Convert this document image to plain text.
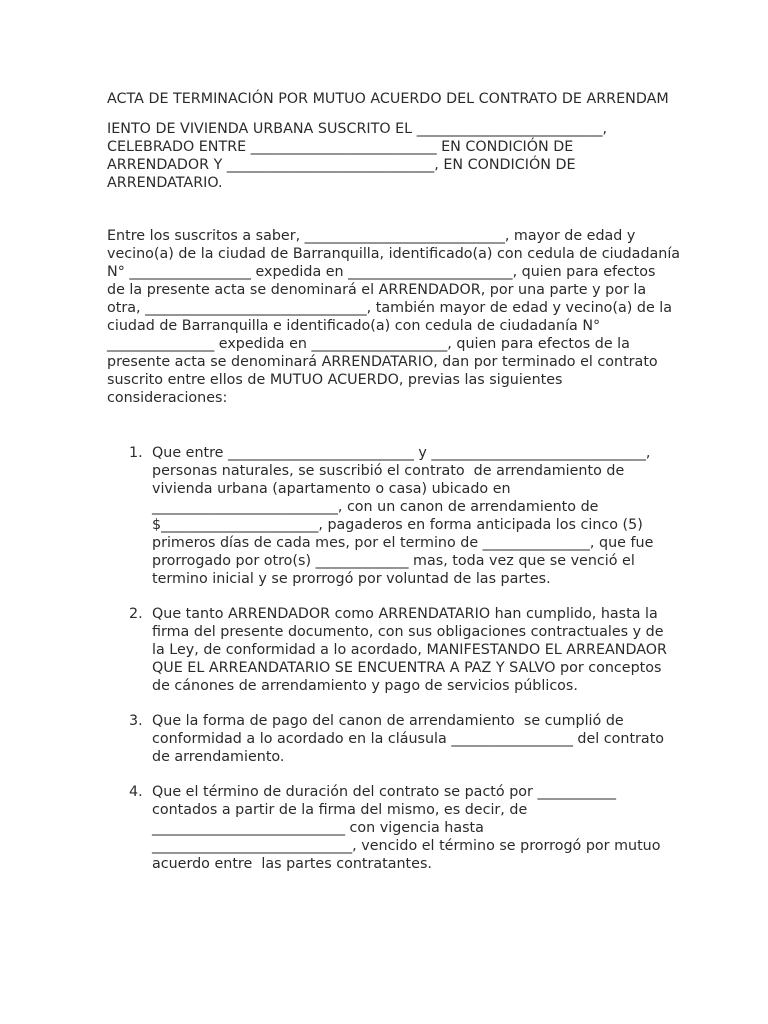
ACTA DE TERMINACIÓN POR MUTUO ACUERDO DEL CONTRATO DE ARRENDAM
IENTO DE VIVIENDA URBANA SUSCRITO EL __________________________,
CELEBRADO ENTRE __________________________ EN CONDICIÓN DE
ARRENDADOR Y _____________________________, EN CONDICIÓN DE
ARRENDATARIO.
Entre los suscritos a saber, ____________________________, mayor de edad y
vecino(a) de la ciudad de Barranquilla, identificado(a) con cedula de ciudadanía
N° _________________ expedida en _______________________, quien para efectos
de la presente acta se denominará el ARRENDADOR, por una parte y por la
otra, _______________________________, también mayor de edad y vecino(a) de la
ciudad de Barranquilla e identificado(a) con cedula de ciudadanía N°
_______________ expedida en ___________________, quien para efectos de la
presente acta se denominará ARRENDATARIO, dan por terminado el contrato
suscrito entre ellos de MUTUO ACUERDO, previas las siguientes
consideraciones:
1. Que entre __________________________ y ______________________________,
personas naturales, se suscribió el contrato  de arrendamiento de
vivienda urbana (apartamento o casa) ubicado en
__________________________, con un canon de arrendamiento de
$______________________, pagaderos en forma anticipada los cinco (5)
primeros días de cada mes, por el termino de _______________, que fue
prorrogado por otro(s) _____________ mas, toda vez que se venció el
termino inicial y se prorrogó por voluntad de las partes.
2. Que tanto ARRENDADOR como ARRENDATARIO han cumplido, hasta la
firma del presente documento, con sus obligaciones contractuales y de
la Ley, de conformidad a lo acordado, MANIFESTANDO EL ARREANDAOR
QUE EL ARREANDATARIO SE ENCUENTRA A PAZ Y SALVO por conceptos
de cánones de arrendamiento y pago de servicios públicos.
3. Que la forma de pago del canon de arrendamiento  se cumplió de
conformidad a lo acordado en la cláusula _________________ del contrato
de arrendamiento.
4. Que el término de duración del contrato se pactó por ___________
contados a partir de la firma del mismo, es decir, de
___________________________ con vigencia hasta
____________________________, vencido el término se prorrogó por mutuo
acuerdo entre  las partes contratantes.
